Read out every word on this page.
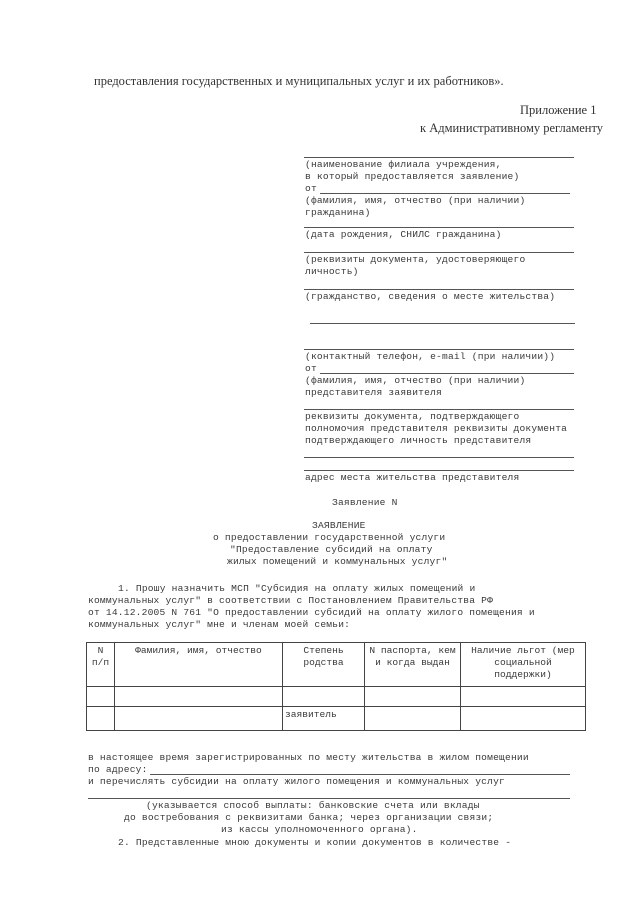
предоставления государственных и муниципальных услуг и их работников».
Приложение 1
к Административному регламенту
(наименование филиала учреждения,
в который предоставляется заявление)
от
(фамилия, имя, отчество (при наличии)
гражданина)
(дата рождения, СНИЛС гражданина)
(реквизиты документа, удостоверяющего
личность)
(гражданство, сведения о месте жительства)
(контактный телефон, e-mail (при наличии))
от
(фамилия, имя, отчество (при наличии)
представителя заявителя
реквизиты документа, подтверждающего
полномочия представителя реквизиты документа
подтверждающего личность представителя
адрес места жительства представителя
Заявление N
ЗАЯВЛЕНИЕ
о предоставлении государственной услуги
"Предоставление субсидий на оплату
жилых помещений и коммунальных услуг"
1. Прошу назначить МСП "Субсидия на оплату жилых помещений и
коммунальных услуг" в соответствии с Постановлением Правительства РФ
от 14.12.2005 N 761 "О предоставлении субсидий на оплату жилого помещения и
коммунальных услуг" мне и членам моей семьи:
N п/п	Фамилия, имя, отчество	Степень родства	N паспорта, кем и когда выдан	Наличие льгот (мер социальной поддержки)

		заявитель		
в настоящее время зарегистрированных по месту жительства в жилом помещении
по адресу:
и перечислять субсидии на оплату жилого помещения и коммунальных услуг
(указывается способ выплаты: банковские счета или вклады
до востребования с реквизитами банка; через организации связи;
из кассы уполномоченного органа).
2. Представленные мною документы и копии документов в количестве -
